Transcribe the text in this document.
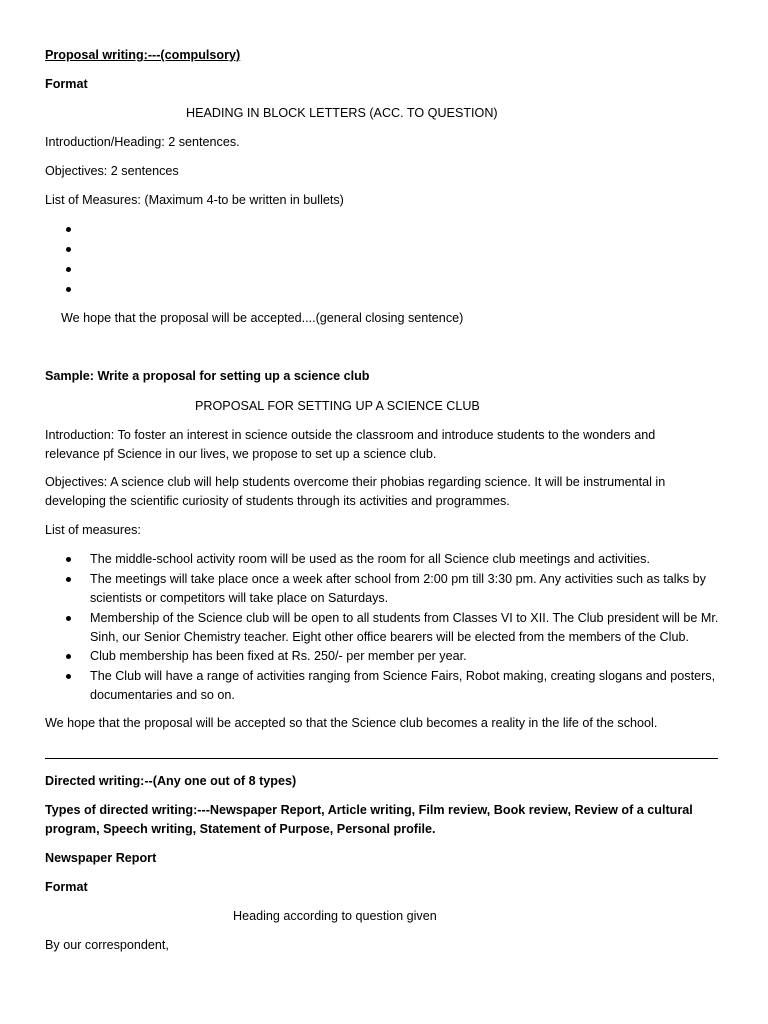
Proposal writing:---(compulsory)
Format
HEADING IN BLOCK LETTERS (ACC. TO QUESTION)
Introduction/Heading: 2 sentences.
Objectives: 2 sentences
List of Measures: (Maximum 4-to be written in bullets)
We hope that the proposal will be accepted....(general closing sentence)
Sample: Write a proposal for setting up a science club
PROPOSAL FOR SETTING UP A SCIENCE CLUB

Introduction: To foster an interest in science outside the classroom and introduce students to the wonders and

relevance pf Science in our lives, we propose to set up a science club.

Objectives: A science club will help students overcome their phobias regarding science. It will be instrumental in

developing the scientific curiosity of students through its activities and programmes.

List of measures:

The middle-school activity room will be used as the room for all Science club meetings and activities.

The meetings will take place once a week after school from 2:00 pm till 3:30 pm. Any activities such as talks by

scientists or competitors will take place on Saturdays.

Membership of the Science club will be open to all students from Classes VI to XII. The Club president will be Mr.

Sinh, our Senior Chemistry teacher. Eight other office bearers will be elected from the members of the Club.

Club membership has been fixed at Rs. 250/- per member per year.

The Club will have a range of activities ranging from Science Fairs, Robot making, creating slogans and posters,

documentaries and so on.

We hope that the proposal will be accepted so that the Science club becomes a reality in the life of the school.
Directed writing:--(Any one out of 8 types)

Types of directed writing:---Newspaper Report, Article writing, Film review, Book review, Review of a cultural

program, Speech writing, Statement of Purpose, Personal profile.

Newspaper Report
Format
Heading according to question given
By our correspondent,
